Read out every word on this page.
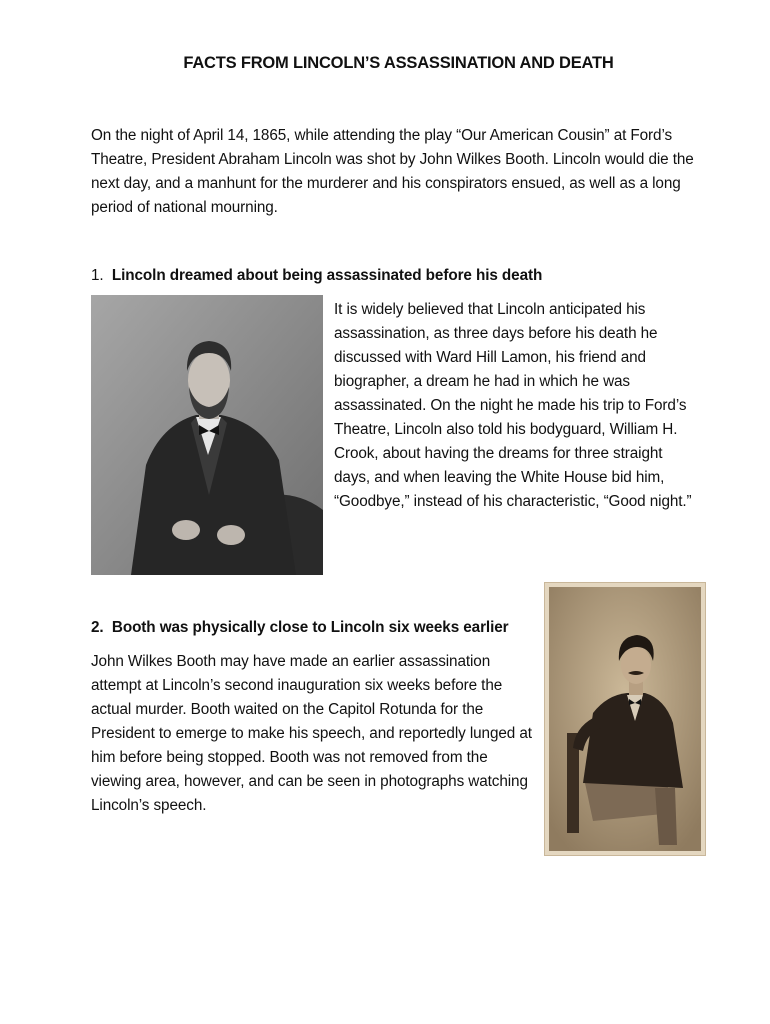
FACTS FROM LINCOLN’S ASSASSINATION AND DEATH
On the night of April 14, 1865, while attending the play “Our American Cousin” at Ford’s Theatre, President Abraham Lincoln was shot by John Wilkes Booth. Lincoln would die the next day, and a manhunt for the murderer and his conspirators ensued, as well as a long period of national mourning.
1. Lincoln dreamed about being assassinated before his death
It is widely believed that Lincoln anticipated his assassination, as three days before his death he discussed with Ward Hill Lamon, his friend and biographer, a dream he had in which he was assassinated. On the night he made his trip to Ford’s Theatre, Lincoln also told his bodyguard, William H. Crook, about having the dreams for three straight days, and when leaving the White House bid him, “Goodbye,” instead of his characteristic, “Good night.”
2. Booth was physically close to Lincoln six weeks earlier
John Wilkes Booth may have made an earlier assassination attempt at Lincoln’s second inauguration six weeks before the actual murder. Booth waited on the Capitol Rotunda for the President to emerge to make his speech, and reportedly lunged at him before being stopped. Booth was not removed from the viewing area, however, and can be seen in photographs watching Lincoln’s speech.
